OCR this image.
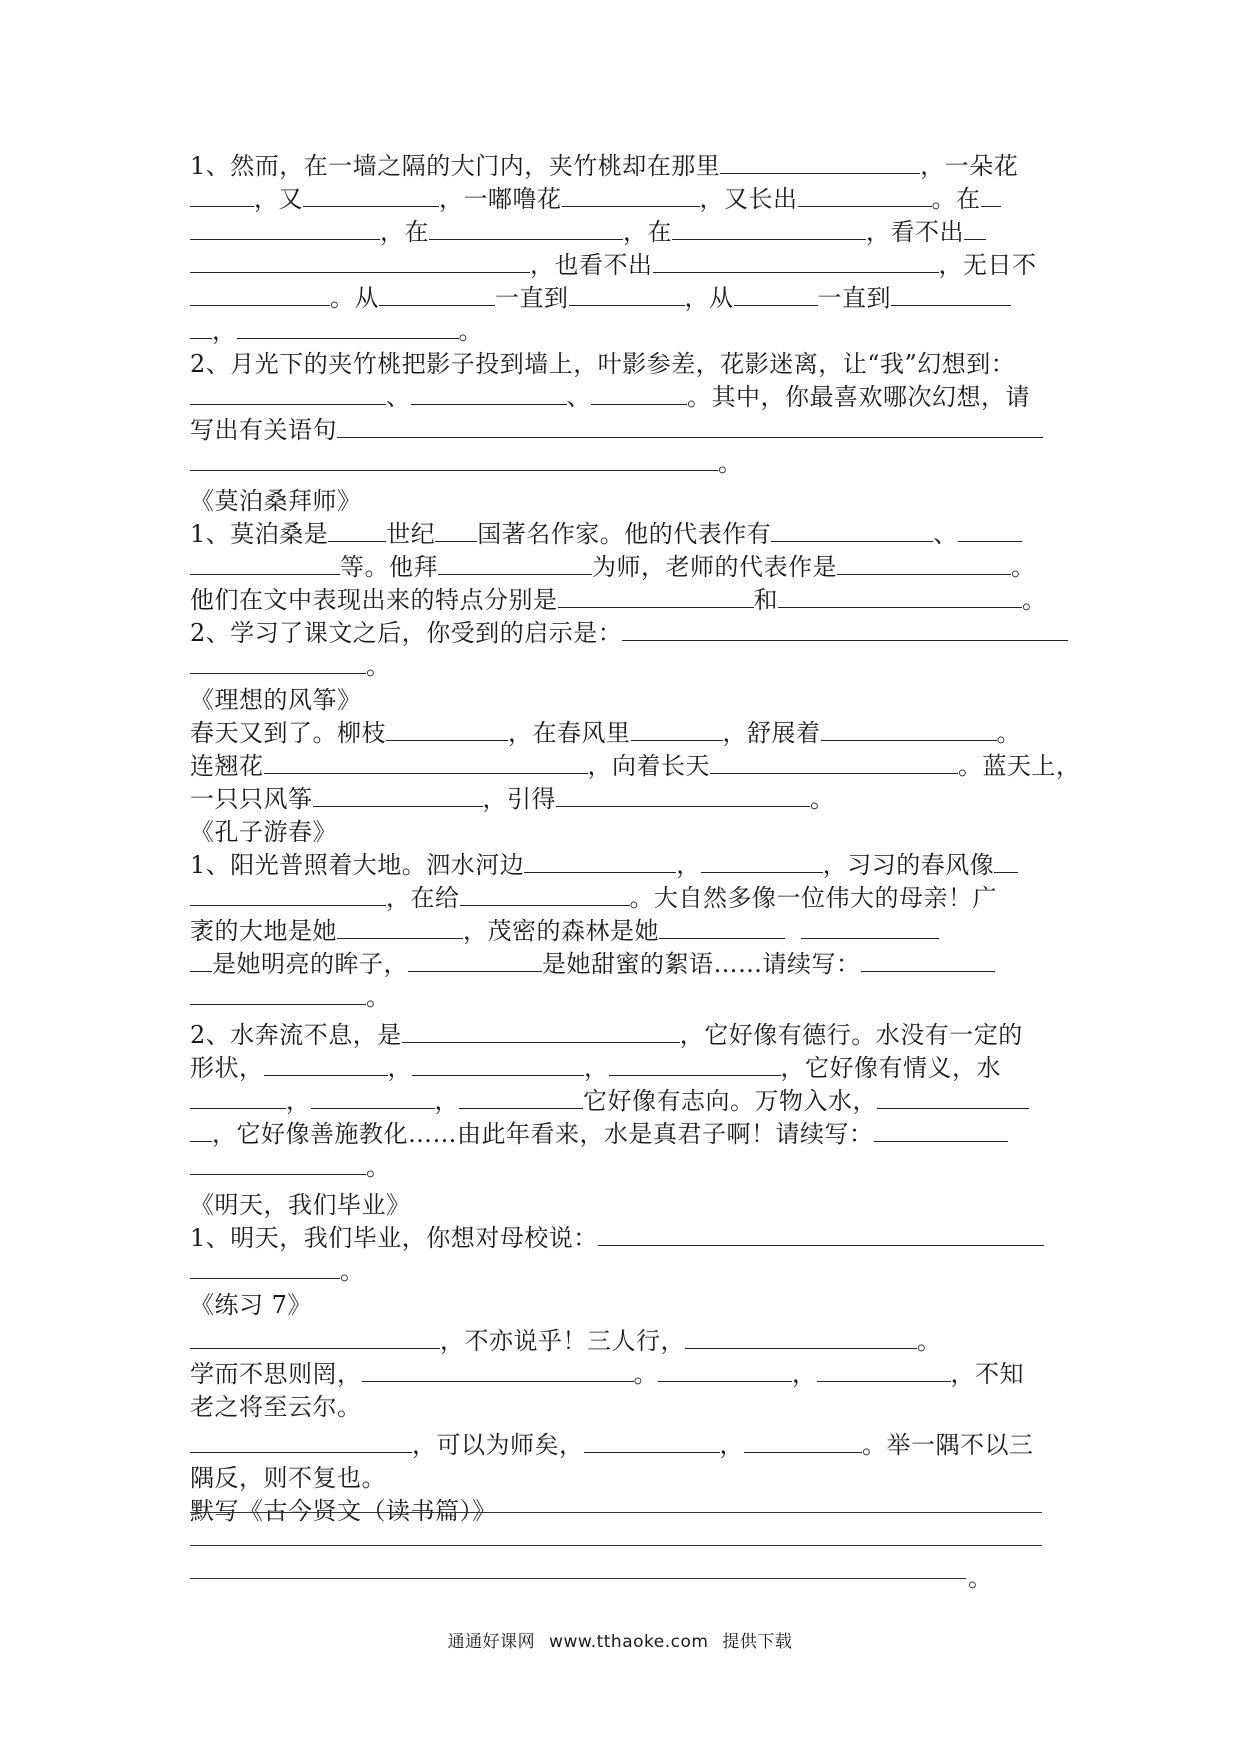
1、然而，在一墙之隔的大门内，夹竹桃却在那里	，一朵花
，又	，一嘟噜花	，又长出	。在
，在	，在	，看不出
，也看不出	，无日不
。从	一直到	，从	一直到
，	。
2、月光下的夹竹桃把影子投到墙上，叶影参差，花影迷离，让“我”幻想到：
、	、	。其中，你最喜欢哪次幻想，请
写出有关语句
。
《莫泊桑拜师》
1、莫泊桑是 世纪 国著名作家。他的代表作有	、
等。他拜	为师，老师的代表作是	。
他们在文中表现出来的特点分别是	和	。
2、学习了课文之后，你受到的启示是：
。
《理想的风筝》
春天又到了。柳枝	，在春风里	，舒展着	。
连翘花	，向着长天	。蓝天上，
一只只风筝	，引得	。
《孔子游春》
1、阳光普照着大地。泗水河边	，	，习习的春风像
，在给	。大自然多像一位伟大的母亲！广
袤的大地是她	，茂密的森林是她
是她明亮的眸子，	是她甜蜜的絮语……请续写：
。
2、水奔流不息，是	，它好像有德行。水没有一定的
形状，	，	，	，它好像有情义，水
，	，	它好像有志向。万物入水，
，它好像善施教化……由此年看来，水是真君子啊！请续写：
。
《明天，我们毕业》
1、明天，我们毕业，你想对母校说：
。
《练习 7》
，不亦说乎！三人行，	。
学而不思则罔，	。	，	，不知
老之将至云尔。
，可以为师矣，	，	。举一隅不以三
隅反，则不复也。
默写《古今贤文（读书篇）》
。
通通好课网 www.tthaoke.com 提供下载
